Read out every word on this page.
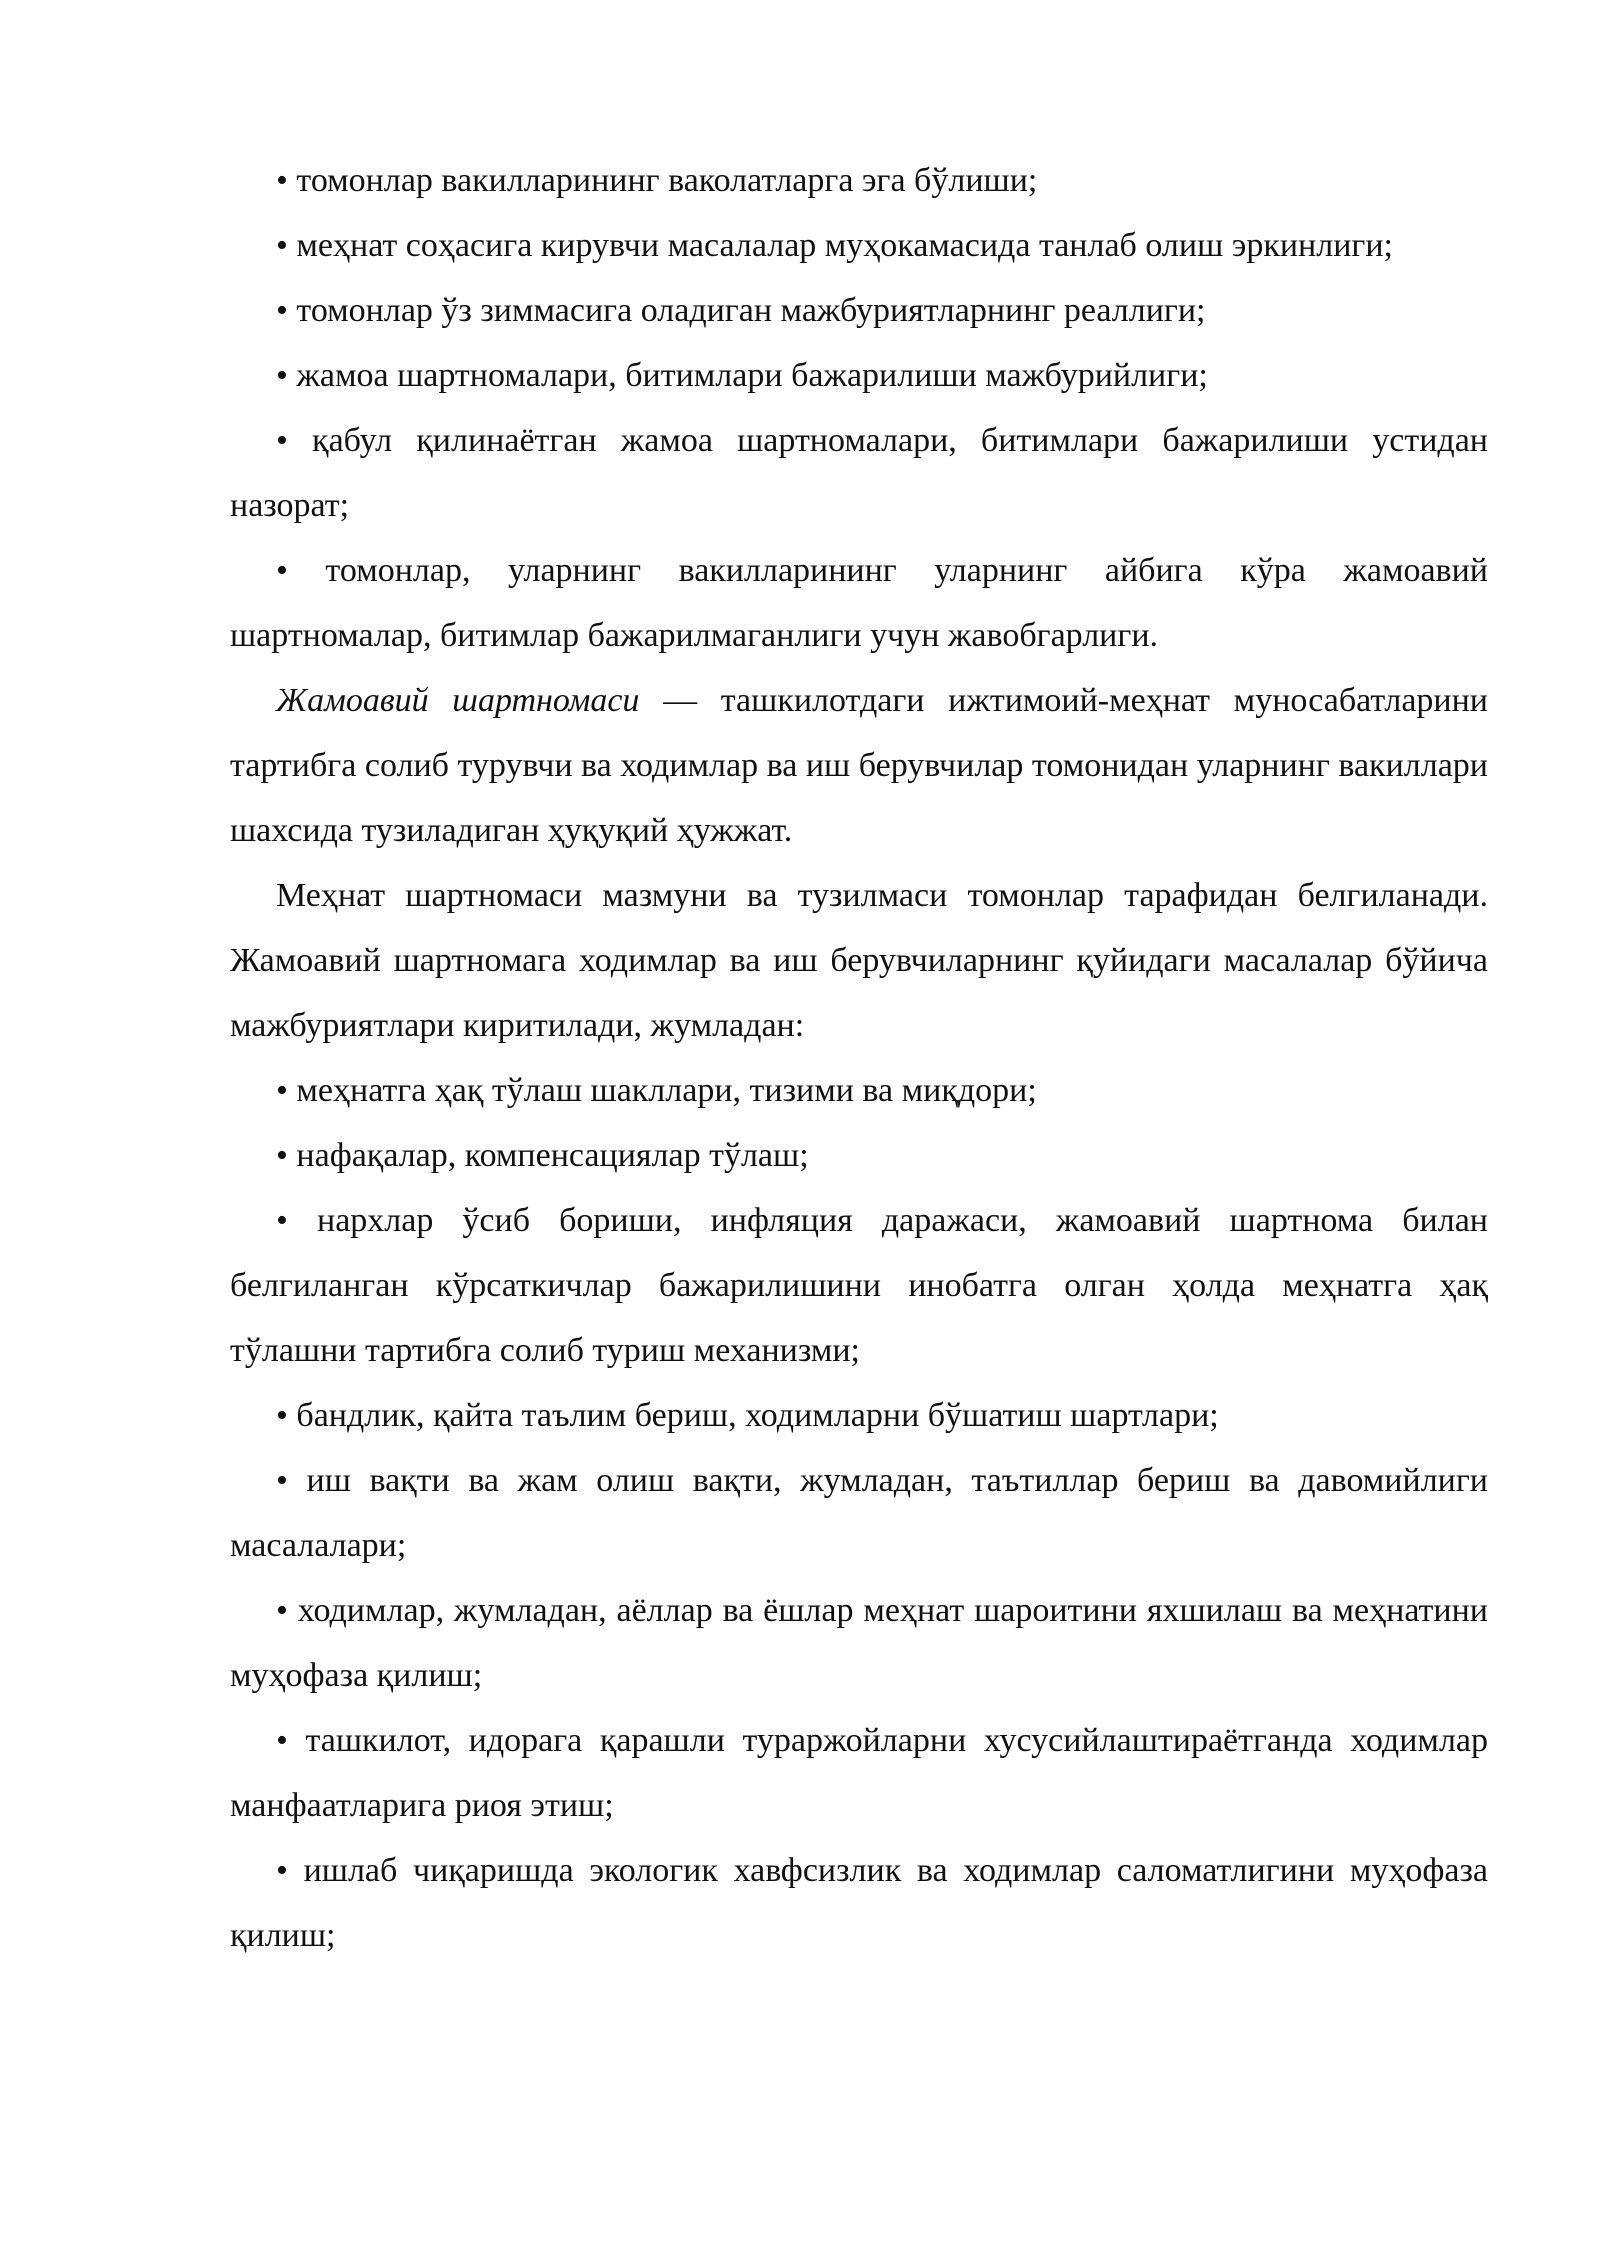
• томонлар вакилларининг ваколатларга эга бўлиши;

• меҳнат соҳасига кирувчи масалалар муҳокамасида танлаб олиш эркинлиги;

• томонлар ўз зиммасига оладиган мажбуриятларнинг реаллиги;

• жамоа шартномалари, битимлари бажарилиши мажбурийлиги;

• қабул қилинаётган жамоа шартномалари, битимлари бажарилиши устидан назорат;

• томонлар, уларнинг вакилларининг уларнинг айбига кўра жамоавий шартномалар, битимлар бажарилмаганлиги учун жавобгарлиги.

Жамоавий шартномаси — ташкилотдаги ижтимоий-меҳнат муносабатларини тартибга солиб турувчи ва ходимлар ва иш берувчилар томонидан уларнинг вакиллари шахсида тузиладиган ҳуқуқий ҳужжат.

Меҳнат шартномаси мазмуни ва тузилмаси томонлар тарафидан белгиланади. Жамоавий шартномага ходимлар ва иш берувчиларнинг қуйидаги масалалар бўйича мажбуриятлари киритилади, жумладан:

• меҳнатга ҳақ тўлаш шакллари, тизими ва миқдори;

• нафақалар, компенсациялар тўлаш;

• нархлар ўсиб бориши, инфляция даражаси, жамоавий шартнома билан белгиланган кўрсаткичлар бажарилишини инобатга олган ҳолда меҳнатга ҳақ тўлашни тартибга солиб туриш механизми;

• бандлик, қайта таълим бериш, ходимларни бўшатиш шартлари;

• иш вақти ва жам олиш вақти, жумладан, таътиллар бериш ва давомийлиги масалалари;

• ходимлар, жумладан, аёллар ва ёшлар меҳнат шароитини яхшилаш ва меҳнатини муҳофаза қилиш;

• ташкилот, идорага қарашли тураржойларни хусусийлаштираётганда ходимлар манфаатларига риоя этиш;

• ишлаб чиқаришда экологик хавфсизлик ва ходимлар саломатлигини муҳофаза қилиш;
